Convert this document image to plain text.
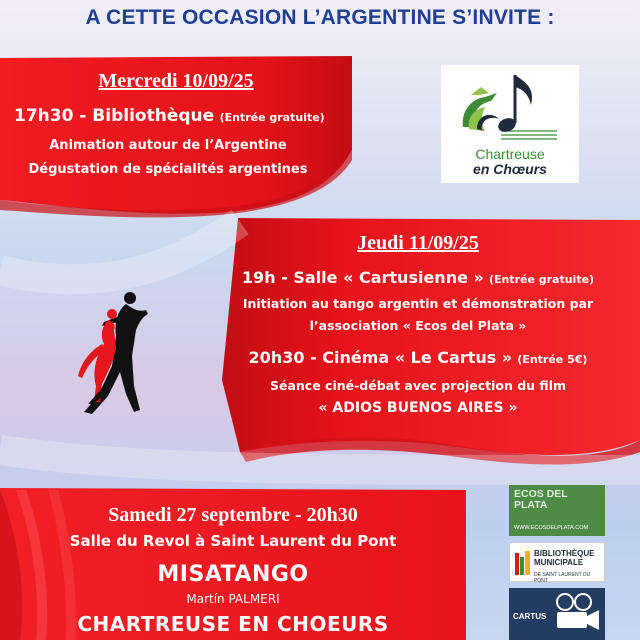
A CETTE OCCASION L’ARGENTINE S’INVITE :
Mercredi 10/09/25
17h30 - Bibliothèque (Entrée gratuite)
Animation autour de l’Argentine
Dégustation de spécialités argentines
Chartreuse
en Chœurs
Jeudi 11/09/25
19h - Salle « Cartusienne » (Entrée gratuite)
Initiation au tango argentin et démonstration par
l’association « Ecos del Plata »
20h30 - Cinéma « Le Cartus » (Entrée 5€)
Séance ciné-débat avec projection du film
« ADIOS BUENOS AIRES »
Samedi 27 septembre - 20h30
Salle du Revol à Saint Laurent du Pont
MISATANGO
Martín PALMERI
CHARTREUSE EN CHOEURS
ECOS DEL PLATA
WWW.ECOSDELPLATA.COM
BIBLIOTHÈQUE MUNICIPALE
DE SAINT LAURENT DU PONT
CARTUS
